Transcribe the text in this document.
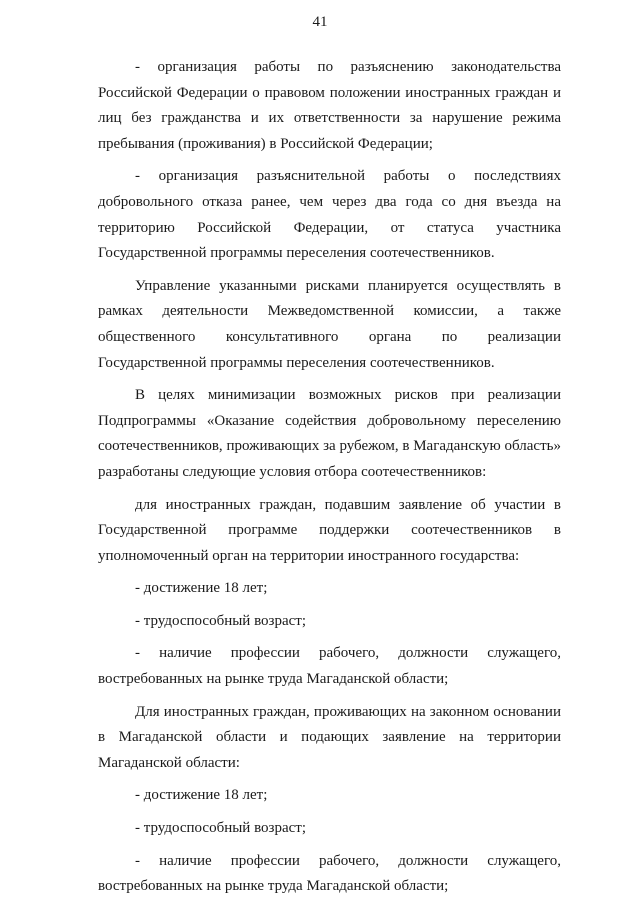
41

- организация работы по разъяснению законодательства Российской Федерации о правовом положении иностранных граждан и лиц без гражданства и их ответственности за нарушение режима пребывания (проживания) в Российской Федерации;

- организация разъяснительной работы о последствиях добровольного отказа ранее, чем через два года со дня въезда на территорию Российской Федерации, от статуса участника Государственной программы переселения соотечественников.

Управление указанными рисками планируется осуществлять в рамках деятельности Межведомственной комиссии, а также общественного консультативного органа по реализации Государственной программы переселения соотечественников.

В целях минимизации возможных рисков при реализации Подпрограммы «Оказание содействия добровольному переселению соотечественников, проживающих за рубежом, в Магаданскую область» разработаны следующие условия отбора соотечественников:

для иностранных граждан, подавшим заявление об участии в Государственной программе поддержки соотечественников в уполномоченный орган на территории иностранного государства:

- достижение 18 лет;

- трудоспособный возраст;

- наличие профессии рабочего, должности служащего, востребованных на рынке труда Магаданской области;

Для иностранных граждан, проживающих на законном основании в Магаданской области и подающих заявление на территории Магаданской области:

- достижение 18 лет;

- трудоспособный возраст;

- наличие профессии рабочего, должности служащего, востребованных на рынке труда Магаданской области;
